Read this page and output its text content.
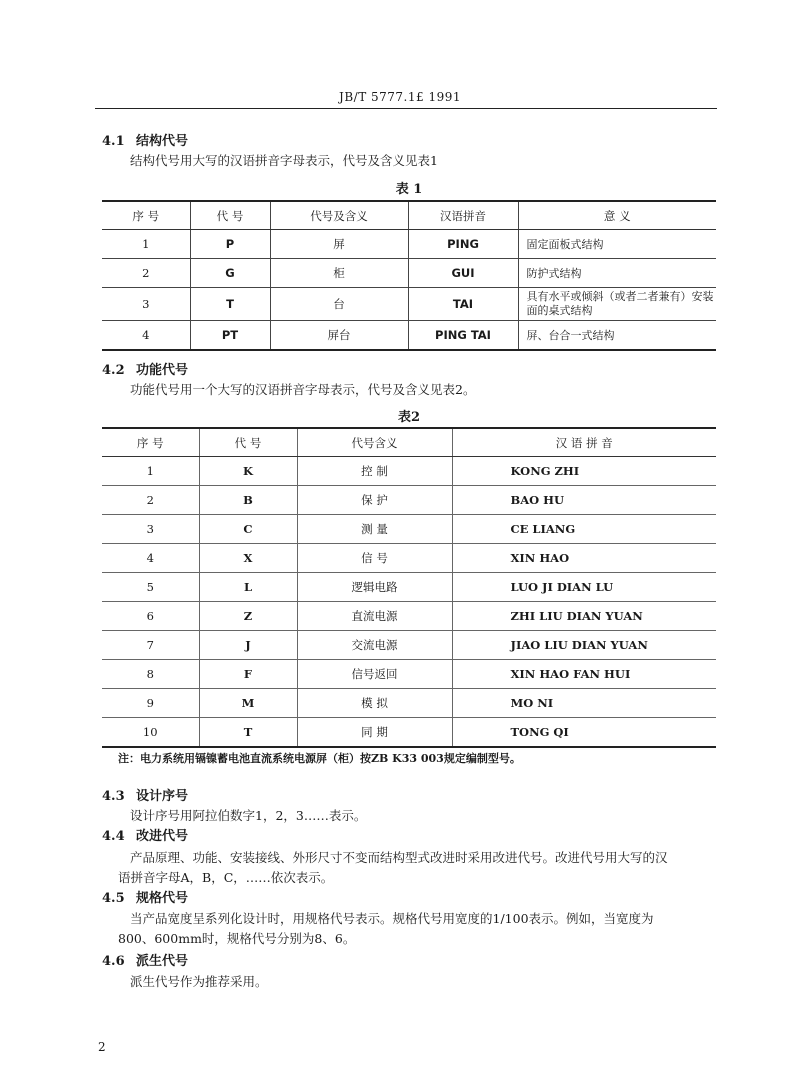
JB/T 5777.1£ 1991
4.1 结构代号
结构代号用大写的汉语拼音字母表示，代号及含义见表1
表 1
序 号	代 号	代号及含义	汉语拼音	意 义
1	P	屏	PING	固定面板式结构
2	G	柜	GUI	防护式结构
3	T	台	TAI	具有水平或倾斜（或者二者兼有）安装面的桌式结构
4	PT	屏台	PING TAI	屏、台合一式结构
4.2 功能代号
功能代号用一个大写的汉语拼音字母表示，代号及含义见表2。
表2
序 号	代 号	代号含义	汉 语 拼 音
1	K	控 制	KONG ZHI
2	B	保 护	BAO HU
3	C	测 量	CE LIANG
4	X	信 号	XIN HAO
5	L	逻辑电路	LUO JI DIAN LU
6	Z	直流电源	ZHI LIU DIAN YUAN
7	J	交流电源	JIAO LIU DIAN YUAN
8	F	信号返回	XIN HAO FAN HUI
9	M	模 拟	MO NI
10	T	同 期	TONG QI
注：电力系统用镉镍蓄电池直流系统电源屏（柜）按ZB K33 003规定编制型号。
4.3 设计序号
设计序号用阿拉伯数字1，2，3……表示。
4.4 改进代号
产品原理、功能、安装接线、外形尺寸不变而结构型式改进时采用改进代号。改进代号用大写的汉
语拼音字母A，B，C，……依次表示。
4.5 规格代号
当产品宽度呈系列化设计时，用规格代号表示。规格代号用宽度的1/100表示。例如，当宽度为
800、600mm时，规格代号分别为8、6。
4.6 派生代号
派生代号作为推荐采用。
2
